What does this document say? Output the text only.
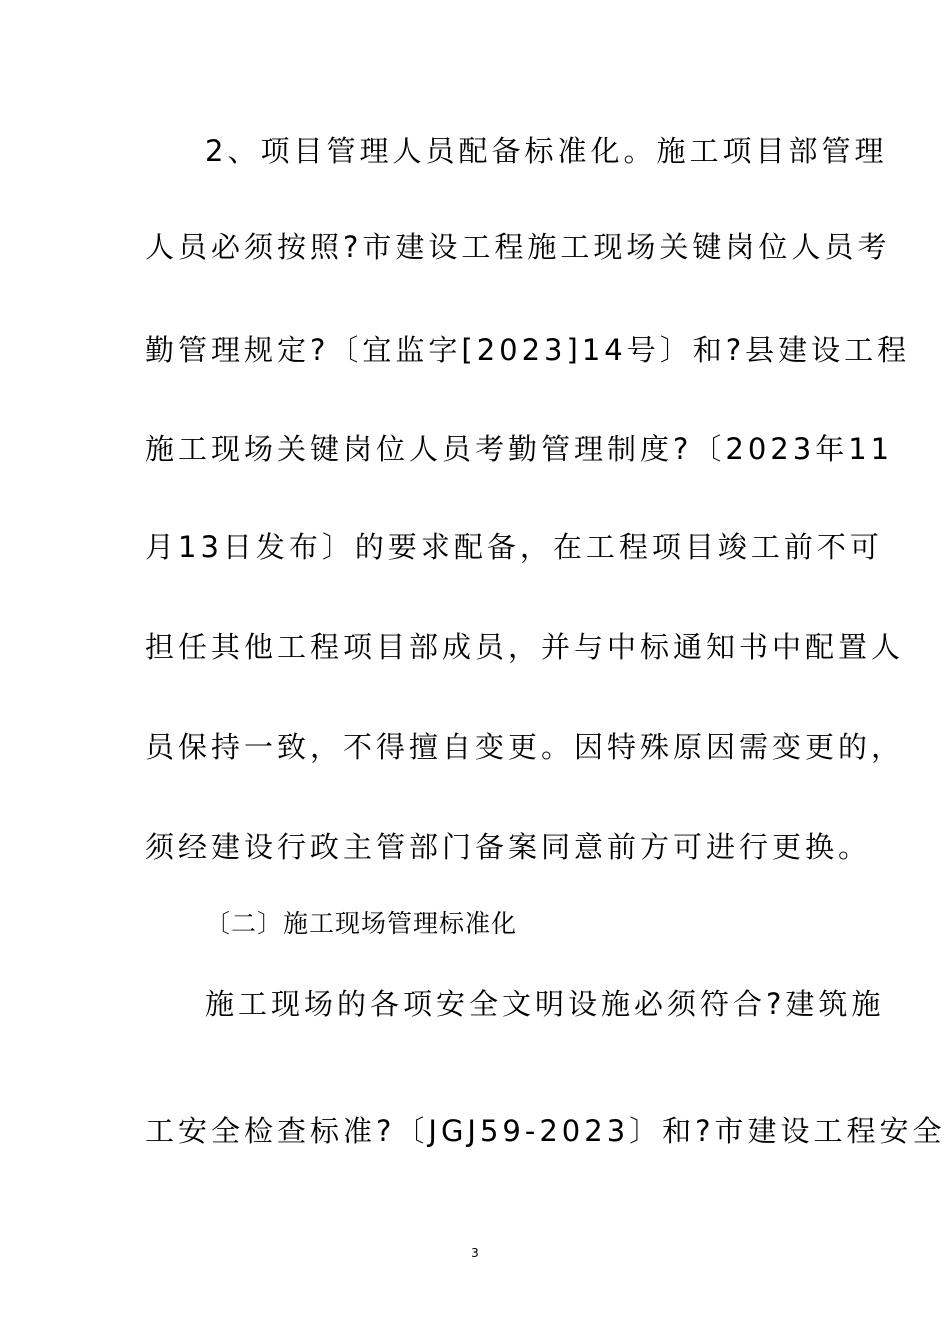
2、项目管理人员配备标准化。施工项目部管理
人员必须按照?市建设工程施工现场关键岗位人员考
勤管理规定?〔宜监字[2023]14号〕和?县建设工程
施工现场关键岗位人员考勤管理制度?〔2023年11
月13日发布〕的要求配备，在工程项目竣工前不可
担任其他工程项目部成员，并与中标通知书中配置人
员保持一致，不得擅自变更。因特殊原因需变更的，
须经建设行政主管部门备案同意前方可进行更换。
〔二〕施工现场管理标准化
施工现场的各项安全文明设施必须符合?建筑施
工安全检查标准?〔JGJ59-2023〕和?市建设工程安全
3
